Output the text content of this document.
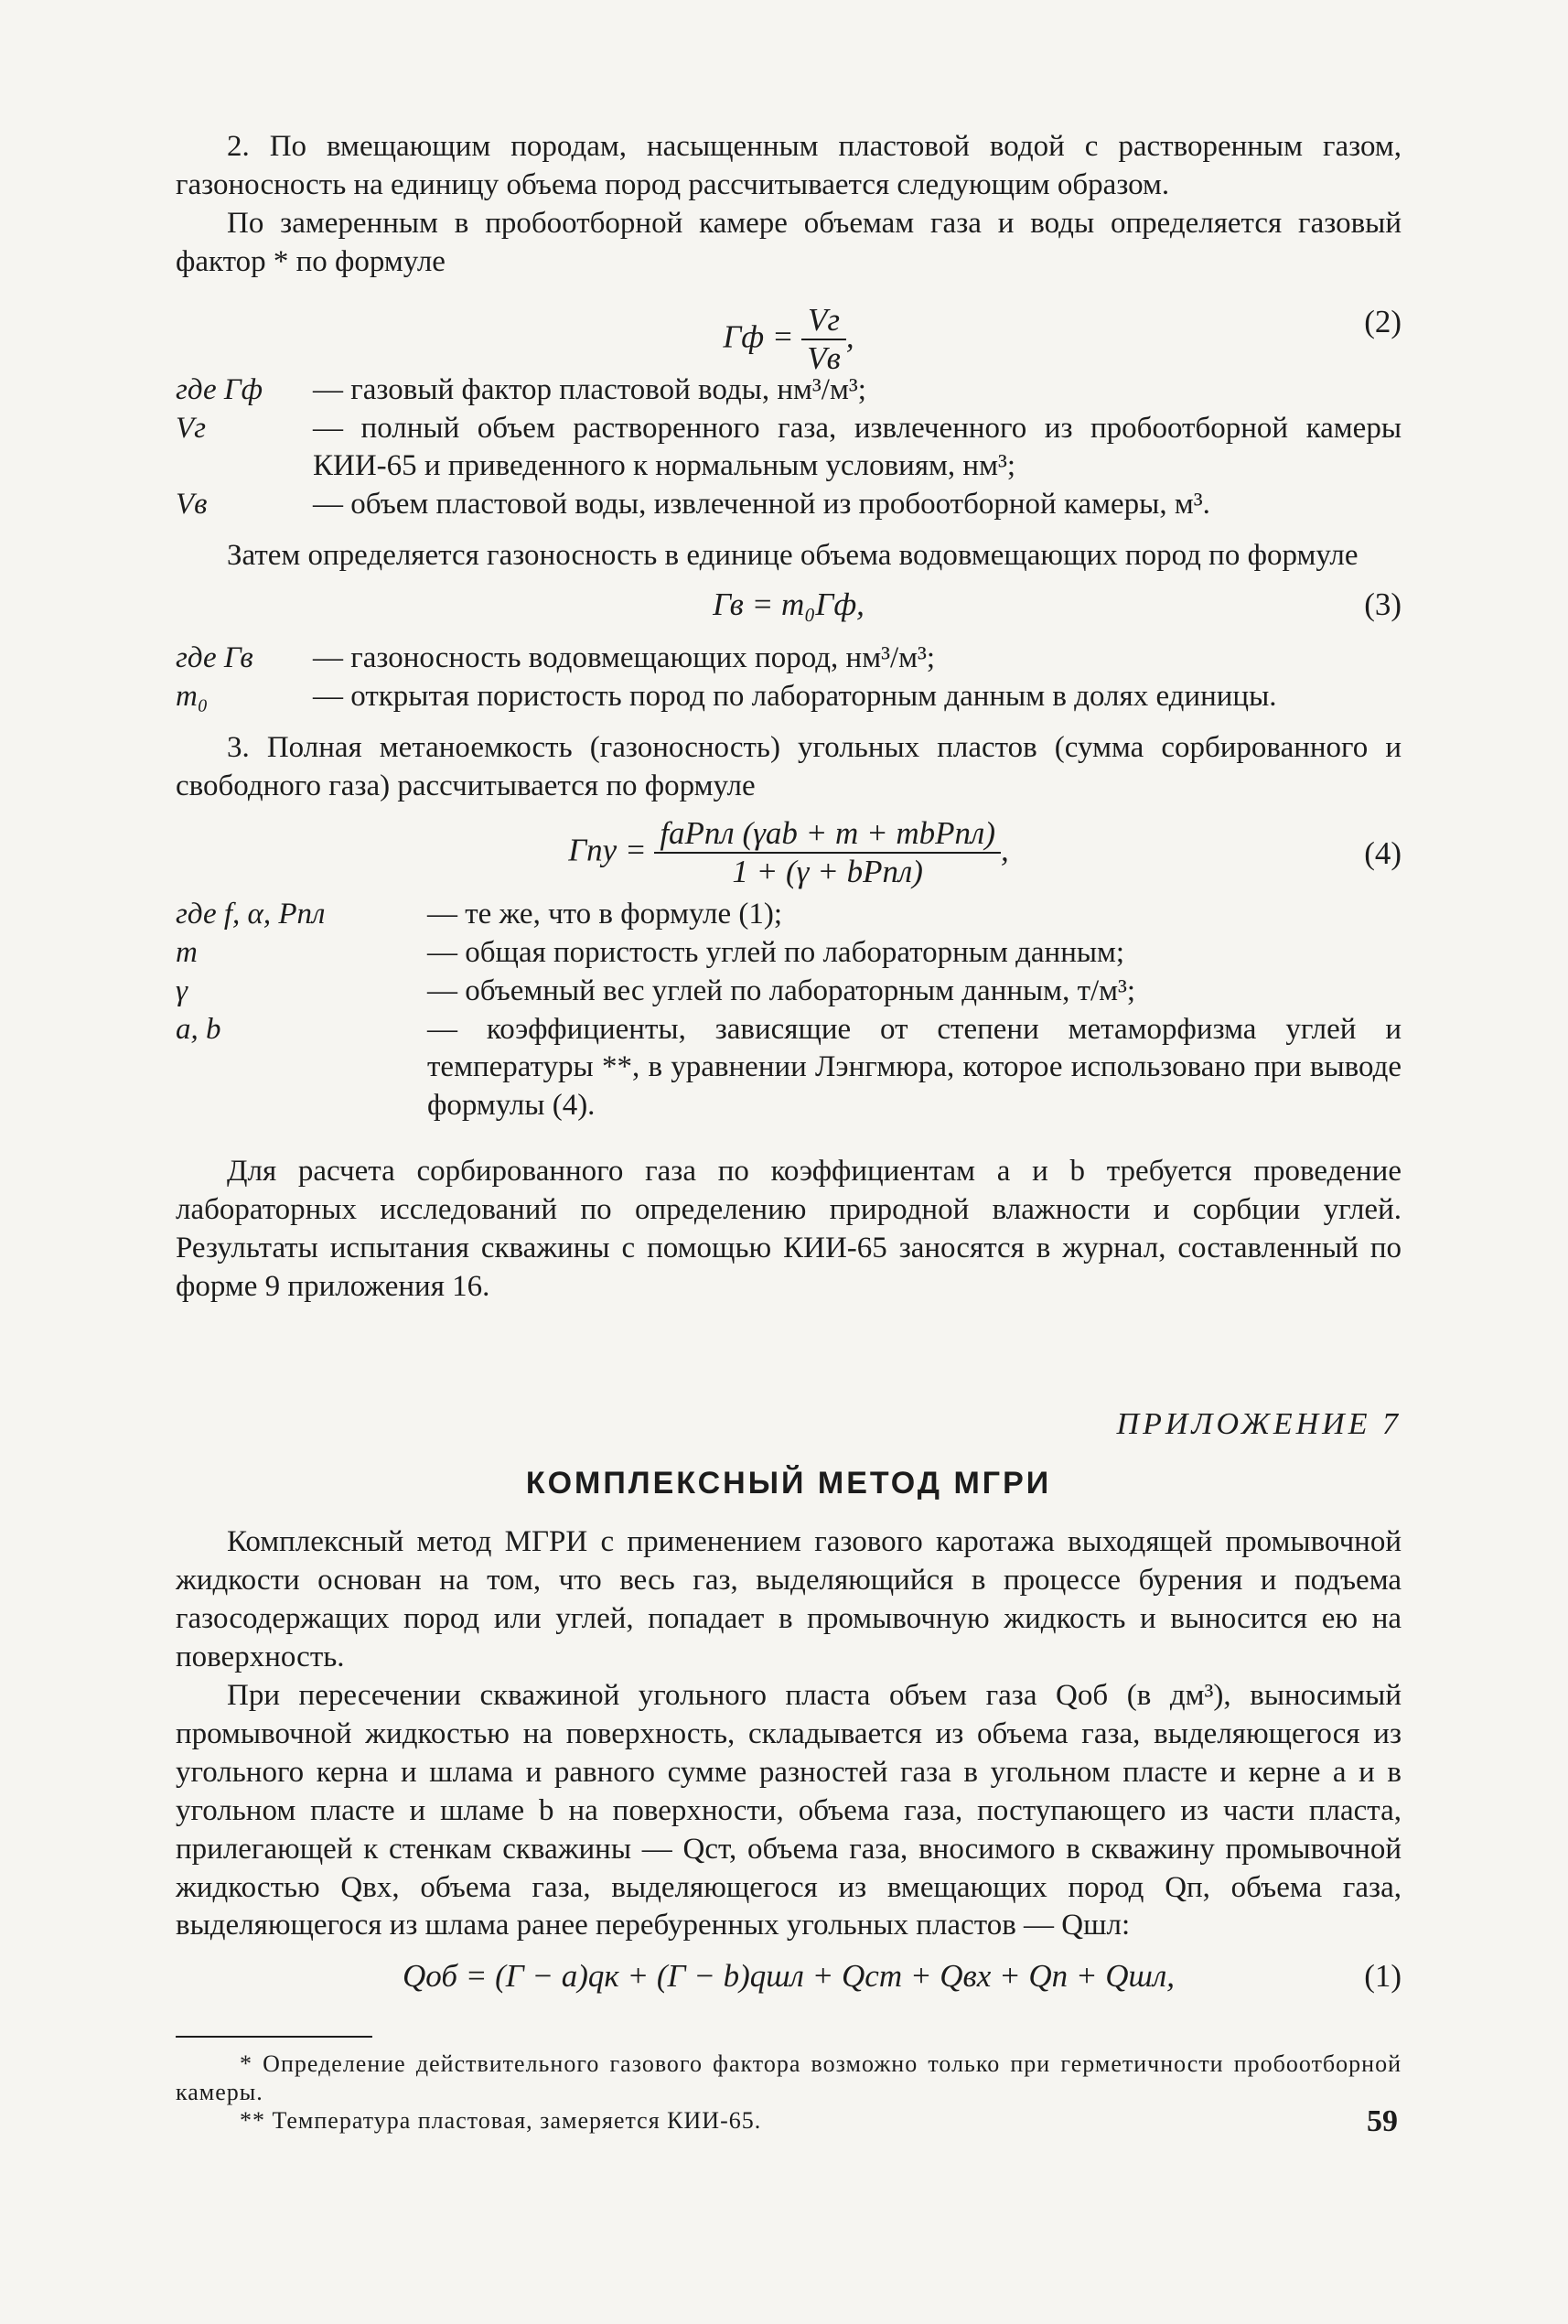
2. По вмещающим породам, насыщенным пластовой водой с растворенным газом, газоносность на единицу объема пород рассчитывается следующим образом.

По замеренным в пробоотборной камере объемам газа и воды определяется газовый фактор * по формуле

Гф = $\frac{Vг}{Vв}$ ,	(2)
где Гф	— газовый фактор пластовой воды, нм³/м³;
Vг	— полный объем растворенного газа, извлеченного из пробоотборной камеры КИИ-65 и приведенного к нормальным условиям, нм³;
Vв	— объем пластовой воды, извлеченной из пробоотборной камеры, м³.

Затем определяется газоносность в единице объема водовмещающих пород по формуле

Гв = m₀Гф,	(3)
где Гв	— газоносность водовмещающих пород, нм³/м³;
m₀	— открытая пористость пород по лабораторным данным в долях единицы.

3. Полная метаноемкость (газоносность) угольных пластов (сумма сорбированного и свободного газа) рассчитывается по формуле

Гпу = $\frac{\text{faPпл (γab + m + mbPпл)}}{\text{1 + (γ + bPпл)}}$ ,	(4)
где f, α, Pпл	— те же, что в формуле (1);
m	— общая пористость углей по лабораторным данным;
γ	— объемный вес углей по лабораторным данным, т/м³;
a, b	— коэффициенты, зависящие от степени метаморфизма углей и температуры **, в уравнении Лэнгмюра, которое использовано при выводе формулы (4).

Для расчета сорбированного газа по коэффициентам a и b требуется проведение лабораторных исследований по определению природной влажности и сорбции углей. Результаты испытания скважины с помощью КИИ-65 заносятся в журнал, составленный по форме 9 приложения 16.

ПРИЛОЖЕНИЕ 7

КОМПЛЕКСНЫЙ МЕТОД МГРИ

Комплексный метод МГРИ с применением газового каротажа выходящей промывочной жидкости основан на том, что весь газ, выделяющийся в процессе бурения и подъема газосодержащих пород или углей, попадает в промывочную жидкость и выносится ею на поверхность.

При пересечении скважиной угольного пласта объем газа Qоб (в дм³), выносимый промывочной жидкостью на поверхность, складывается из объема газа, выделяющегося из угольного керна и шлама и равного сумме разностей газа в угольном пласте и керне a и в угольном пласте и шламе b на поверхности, объема газа, поступающего из части пласта, прилегающей к стенкам скважины — Qст, объема газа, вносимого в скважину промывочной жидкостью Qвх, объема газа, выделяющегося из вмещающих пород Qп, объема газа, выделяющегося из шлама ранее перебуренных угольных пластов — Qшл:

Qоб = (Г − a)qк + (Г − b)qшл + Qст + Qвх + Qп + Qшл,	(1)

* Определение действительного газового фактора возможно только при герметичности пробоотборной камеры.

** Температура пластовая, замеряется КИИ-65.	59
